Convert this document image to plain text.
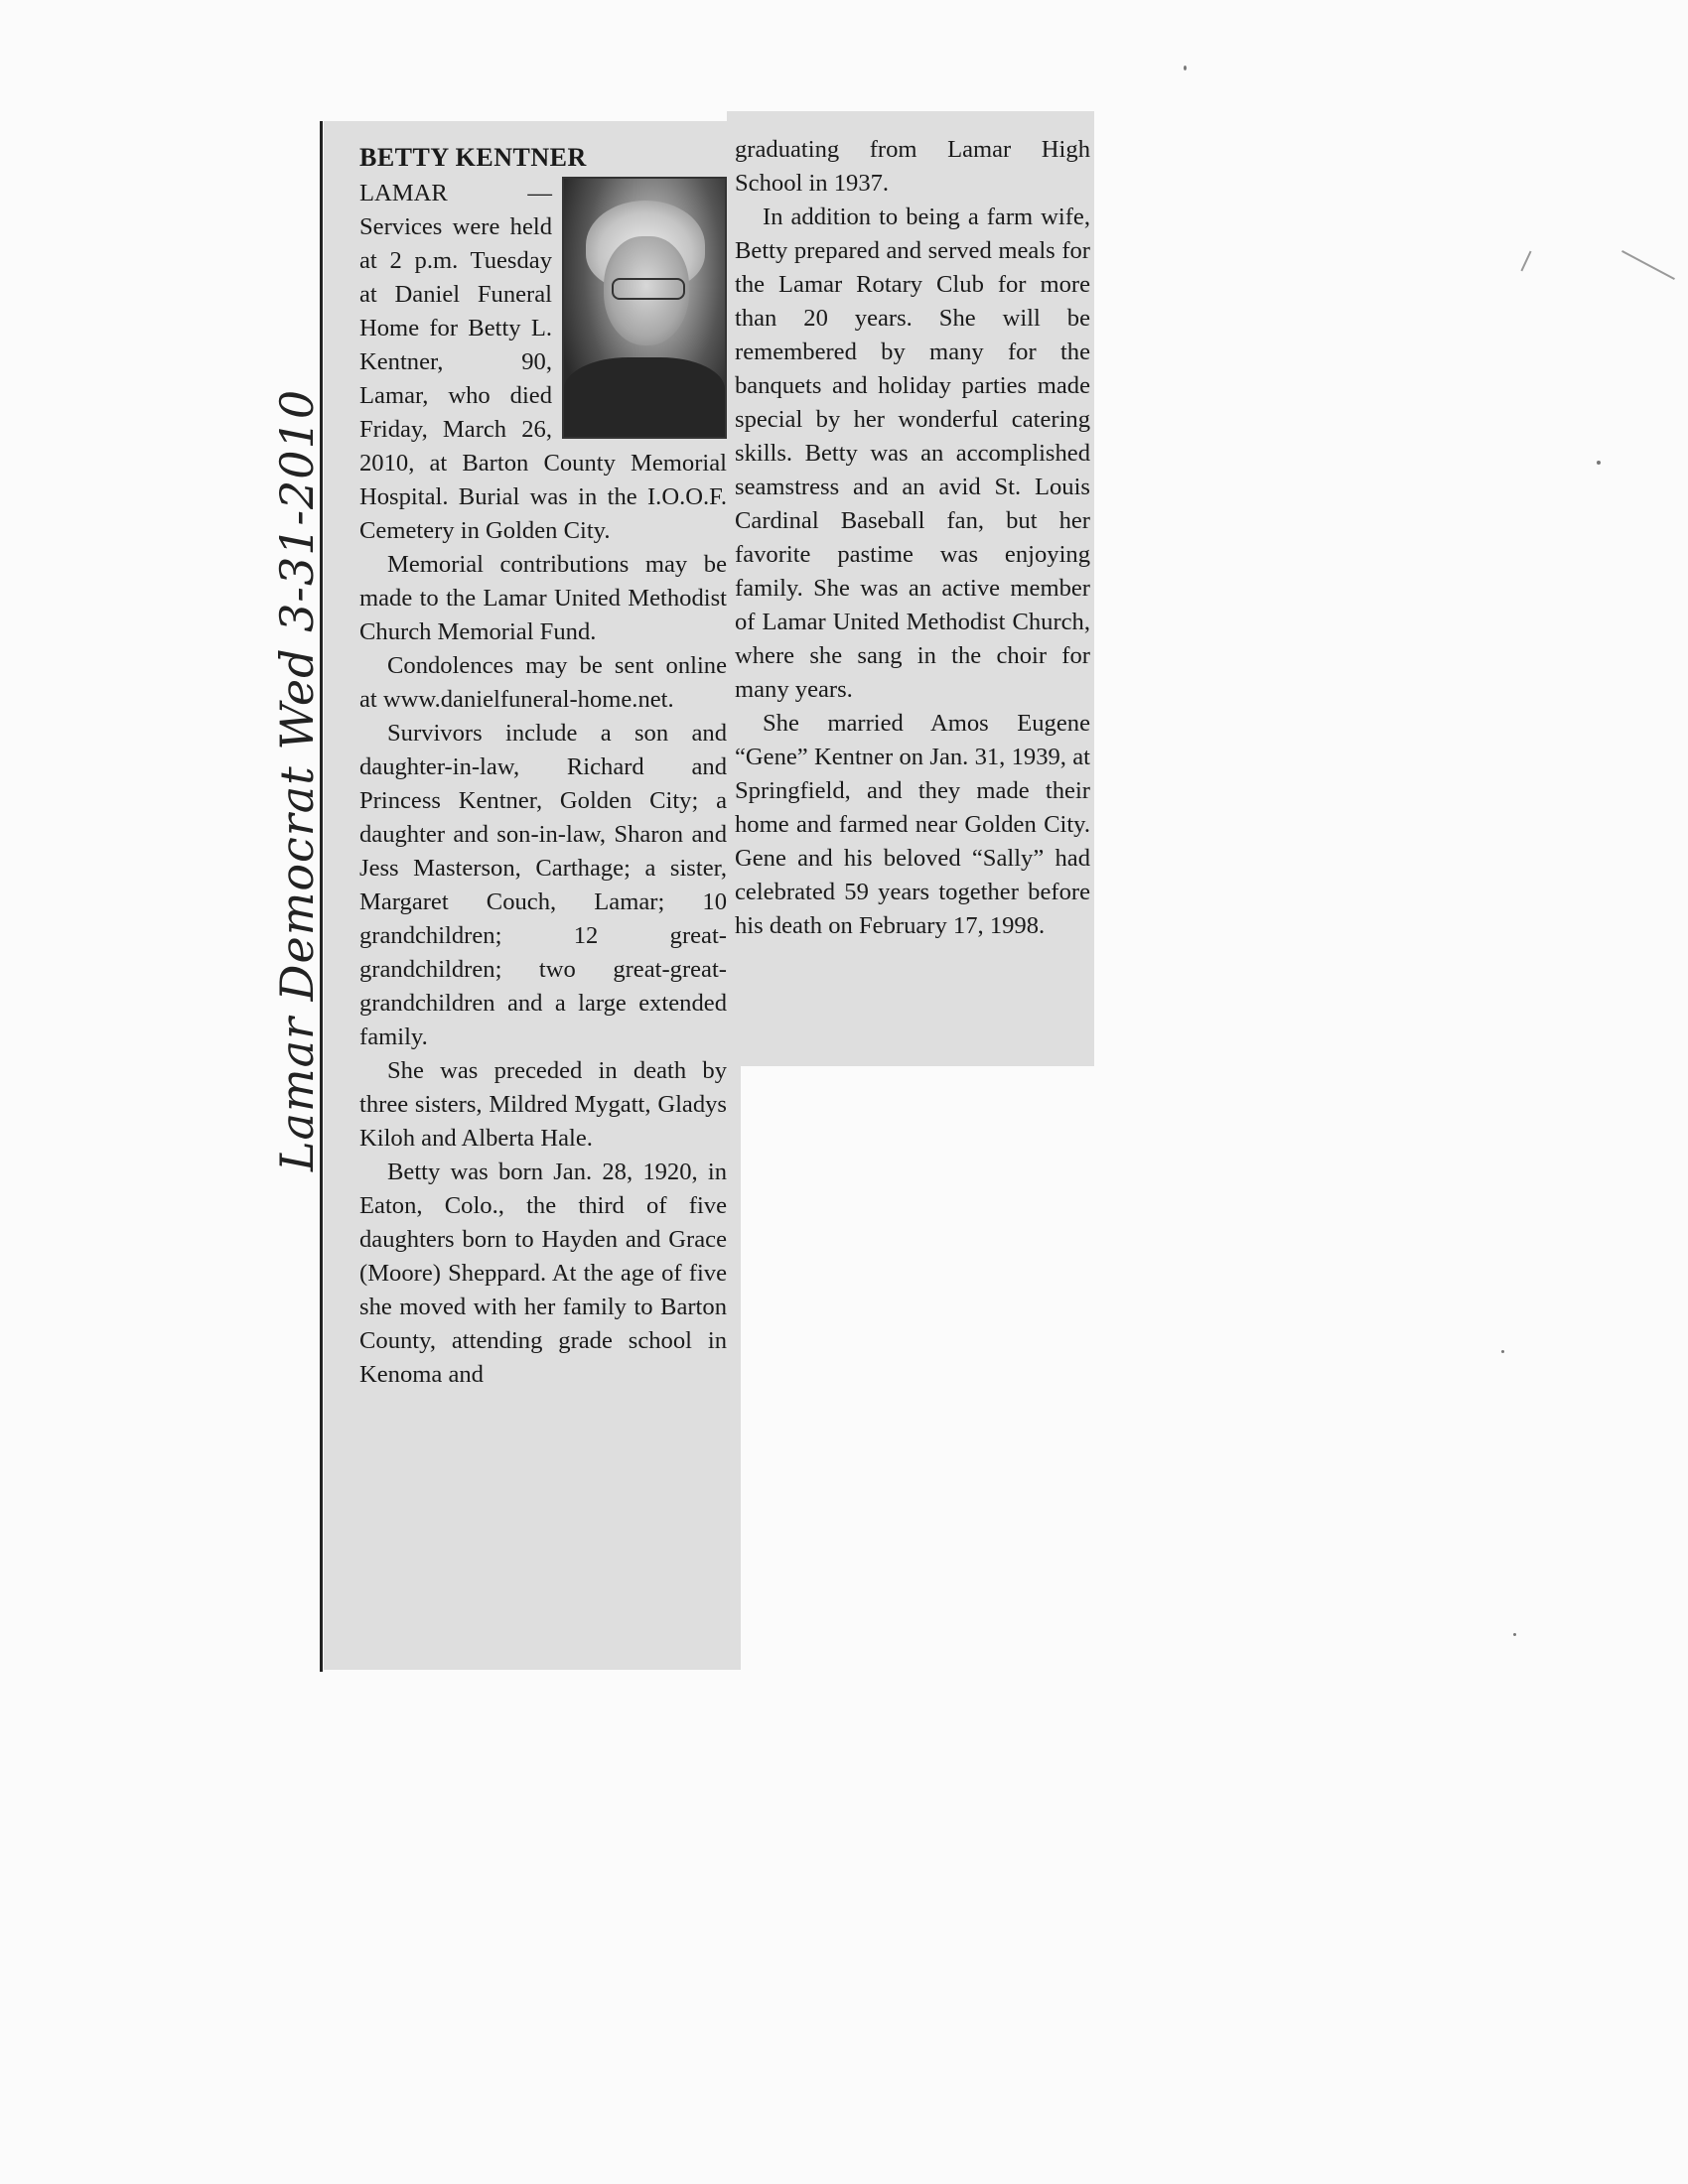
Lamar Democrat Wed 3-31-2010
BETTY KENTNER

LAMAR — Services were held at 2 p.m. Tuesday at Daniel Funeral Home for Betty L. Kentner, 90, Lamar, who died Friday, March 26, 2010, at Barton County Memorial Hospital. Burial was in the I.O.O.F. Cemetery in Golden City.

Memorial contributions may be made to the Lamar United Methodist Church Memorial Fund.

Condolences may be sent online at www.danielfuneral-home.net.

Survivors include a son and daughter-in-law, Richard and Princess Kentner, Golden City; a daughter and son-in-law, Sharon and Jess Masterson, Carthage; a sister, Margaret Couch, Lamar; 10 grandchildren; 12 great-grandchildren; two great-great-grandchildren and a large extended family.

She was preceded in death by three sisters, Mildred Mygatt, Gladys Kiloh and Alberta Hale.

Betty was born Jan. 28, 1920, in Eaton, Colo., the third of five daughters born to Hayden and Grace (Moore) Sheppard. At the age of five she moved with her family to Barton County, attending grade school in Kenoma and

graduating from Lamar High School in 1937.

In addition to being a farm wife, Betty prepared and served meals for the Lamar Rotary Club for more than 20 years. She will be remembered by many for the banquets and holiday parties made special by her wonderful catering skills. Betty was an accomplished seamstress and an avid St. Louis Cardinal Baseball fan, but her favorite pastime was enjoying family. She was an active member of Lamar United Methodist Church, where she sang in the choir for many years.

She married Amos Eugene “Gene” Kentner on Jan. 31, 1939, at Springfield, and they made their home and farmed near Golden City. Gene and his beloved “Sally” had celebrated 59 years together before his death on February 17, 1998.
